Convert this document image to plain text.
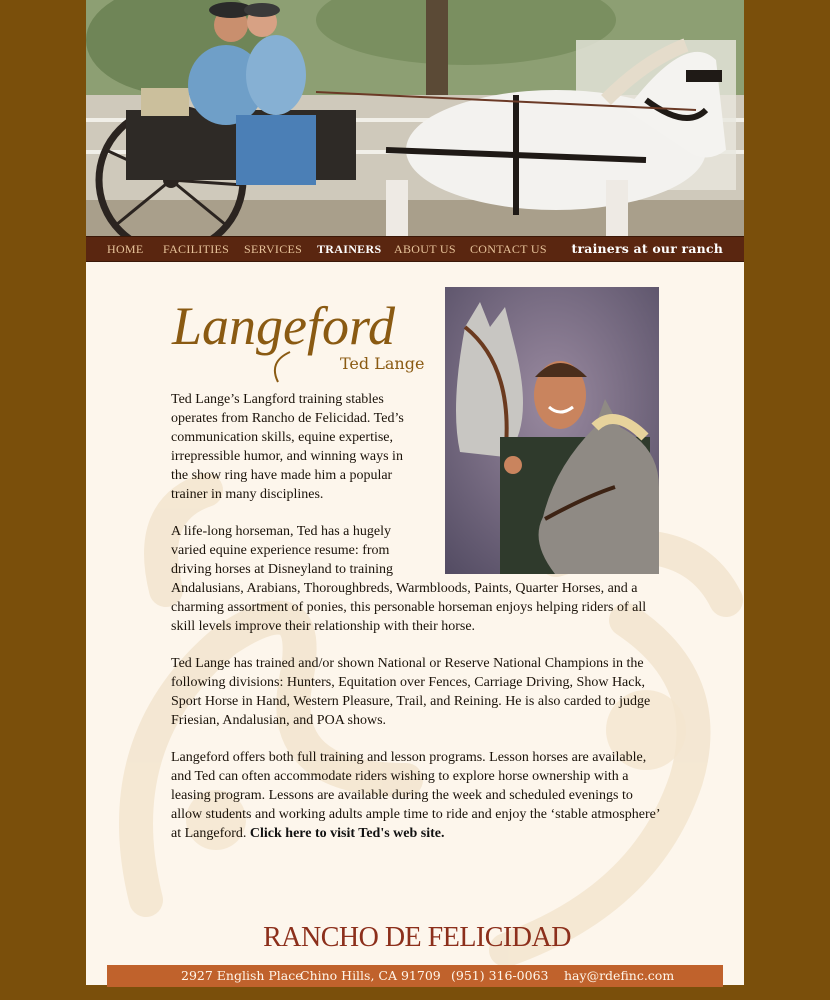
HOME FACILITIES SERVICES TRAINERS ABOUT US CONTACT US trainers at our ranch
Langeford
Ted Lange

Ted Lange’s Langford training stables operates from Rancho de Felicidad. Ted’s communication skills, equine expertise, irrepressible humor, and winning ways in the show ring have made him a popular trainer in many disciplines.

A life-long horseman, Ted has a hugely varied equine experience resume: from driving horses at Disneyland to training Andalusians, Arabians, Thoroughbreds, Warmbloods, Paints, Quarter Horses, and a charming assortment of ponies, this personable horseman enjoys helping riders of all skill levels improve their relationship with their horse.

Ted Lange has trained and/or shown National or Reserve National Champions in the following divisions: Hunters, Equitation over Fences, Carriage Driving, Show Hack, Sport Horse in Hand, Western Pleasure, Trail, and Reining. He is also carded to judge Friesian, Andalusian, and POA shows.

Langeford offers both full training and lesson programs. Lesson horses are available, and Ted can often accommodate riders wishing to explore horse ownership with a leasing program. Lessons are available during the week and scheduled evenings to allow students and working adults ample time to ride and enjoy the ‘stable atmosphere’ at Langeford. Click here to visit Ted's web site.

RANCHO DE FELICIDAD
2927 English Place
Chino Hills, CA 91709 (951) 316-0063 hay@rdefinc.com
